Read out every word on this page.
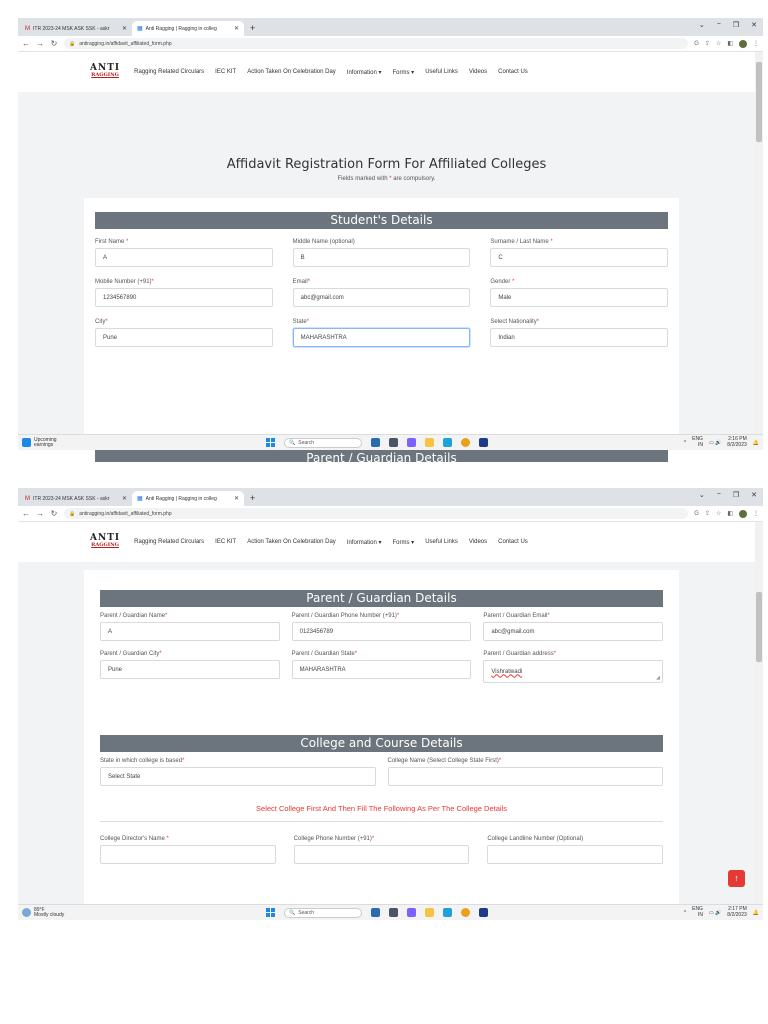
M ITR 2023-24 MSK ASK SSK - askr	✕ ▦ Anti Ragging | Ragging in colleg	✕ +	⌄ − ❐ ✕
← → ↻ 🔒 antiragging.in/affidavit_affiliated_form.php	G ⇪ ☆ ◧	⋮
ANTI
RAGGING	Ragging Related Circulars IEC KIT Action Taken On Celebration Day Information ▾ Forms ▾ Useful Links Videos Contact Us
Affidavit Registration Form For Affiliated Colleges
Fields marked with * are compulsory.
Student's Details
First Name *
A
Middle Name (optional)
B
Surname / Last Name *
C
Mobile Number (+91)*
1234567890
Email*
abc@gmail.com
Gender *
Male
City*
Pune
State*
MAHARASHTRA
Select Nationality*
Indian
Parent / Guardian Details
Upcoming
earnings	🔍 Search	^
ENG
IN ▭ 🔊
2:16 PM
8/2/2023 🔔
M ITR 2023-24 MSK ASK SSK - askr	✕ ▦ Anti Ragging | Ragging in colleg	✕ +	⌄ − ❐ ✕
← → ↻ 🔒 antiragging.in/affidavit_affiliated_form.php	G ⇪ ☆ ◧	⋮
ANTI
RAGGING	Ragging Related Circulars IEC KIT Action Taken On Celebration Day Information ▾ Forms ▾ Useful Links Videos Contact Us
Parent / Guardian Details
Parent / Guardian Name*
A
Parent / Guardian Phone Number (+91)*
0123456789
Parent / Guardian Email*
abc@gmail.com
Parent / Guardian City*
Pune
Parent / Guardian State*
MAHARASHTRA
Parent / Guardian address*
Vishratwadi
◢
College and Course Details
State in which college is based*
Select State
College Name (Select College State First)*
Select College First And Then Fill The Following As Per The College Details
College Director's Name *	College Phone Number (+91)*	College Landline Number (Optional)
↑
89°F
Mostly cloudy	🔍 Search	^
ENG
IN ▭ 🔊
2:17 PM
8/2/2023 🔔
